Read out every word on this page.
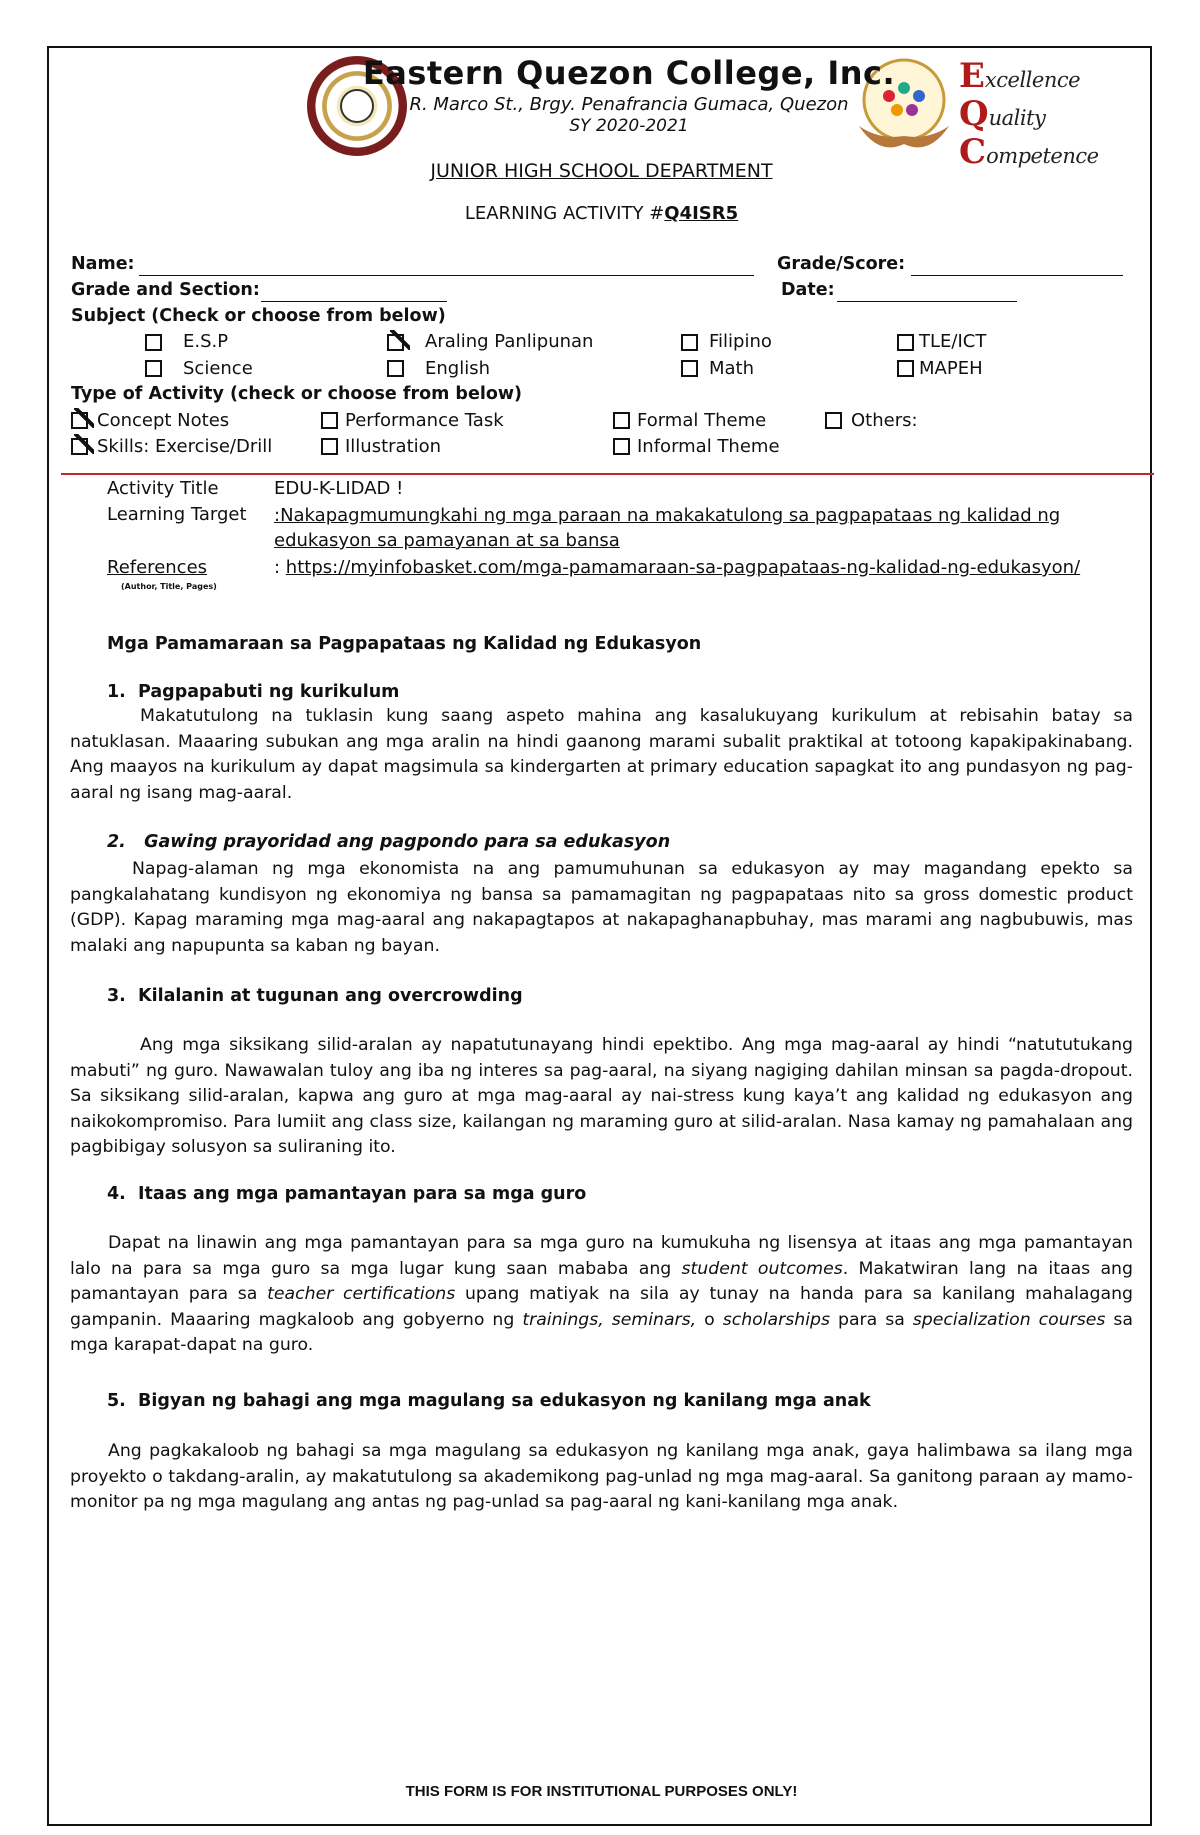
Eastern Quezon College, Inc.
R. Marco St., Brgy. Penafrancia Gumaca, Quezon
SY 2020-2021
Excellence
Quality
Competence
JUNIOR HIGH SCHOOL DEPARTMENT
LEARNING ACTIVITY #Q4ISR5
Name:	Grade/Score:
Grade and Section:	Date:
Subject (Check or choose from below)
E.S.P	Araling Panlipunan	Filipino	TLE/ICT
Science	English	Math	MAPEH
Type of Activity (check or choose from below)
Concept Notes	Performance Task	Formal Theme	Others:
Skills: Exercise/Drill	Illustration	Informal Theme
Activity Title	EDU-K-LIDAD !
Learning Target :Nakapagmumungkahi ng mga paraan na makakatulong sa pagpapataas ng kalidad ng edukasyon sa pamayanan at sa bansa
References
(Author, Title, Pages)
: https://myinfobasket.com/mga-pamamaraan-sa-pagpapataas-ng-kalidad-ng-edukasyon/
Mga Pamamaraan sa Pagpapataas ng Kalidad ng Edukasyon
1.  Pagpapabuti ng kurikulum
Makatutulong na tuklasin kung saang aspeto mahina ang kasalukuyang kurikulum at rebisahin batay sa natuklasan. Maaaring subukan ang mga aralin na hindi gaanong marami subalit praktikal at totoong kapakipakinabang. Ang maayos na kurikulum ay dapat magsimula sa kindergarten at primary education sapagkat ito ang pundasyon ng pag-aaral ng isang mag-aaral.
2.   Gawing prayoridad ang pagpondo para sa edukasyon
Napag-alaman ng mga ekonomista na ang pamumuhunan sa edukasyon ay may magandang epekto sa pangkalahatang kundisyon ng ekonomiya ng bansa sa pamamagitan ng pagpapataas nito sa gross domestic product (GDP). Kapag maraming mga mag-aaral ang nakapagtapos at nakapaghanapbuhay, mas marami ang nagbubuwis, mas malaki ang napupunta sa kaban ng bayan.
3.  Kilalanin at tugunan ang overcrowding
Ang mga siksikang silid-aralan ay napatutunayang hindi epektibo. Ang mga mag-aaral ay hindi “natututukang mabuti” ng guro. Nawawalan tuloy ang iba ng interes sa pag-aaral, na siyang nagiging dahilan minsan sa pagda-dropout. Sa siksikang silid-aralan, kapwa ang guro at mga mag-aaral ay nai-stress kung kaya’t ang kalidad ng edukasyon ang naikokompromiso. Para lumiit ang class size, kailangan ng maraming guro at silid-aralan. Nasa kamay ng pamahalaan ang pagbibigay solusyon sa suliraning ito.
4.  Itaas ang mga pamantayan para sa mga guro
Dapat na linawin ang mga pamantayan para sa mga guro na kumukuha ng lisensya at itaas ang mga pamantayan lalo na para sa mga guro sa mga lugar kung saan mababa ang student outcomes. Makatwiran lang na itaas ang pamantayan para sa teacher certifications upang matiyak na sila ay tunay na handa para sa kanilang mahalagang gampanin. Maaaring magkaloob ang gobyerno ng trainings, seminars, o scholarships para sa specialization courses sa mga karapat-dapat na guro.
5.  Bigyan ng bahagi ang mga magulang sa edukasyon ng kanilang mga anak
Ang pagkakaloob ng bahagi sa mga magulang sa edukasyon ng kanilang mga anak, gaya halimbawa sa ilang mga proyekto o takdang-aralin, ay makatutulong sa akademikong pag-unlad ng mga mag-aaral. Sa ganitong paraan ay mamo-monitor pa ng mga magulang ang antas ng pag-unlad sa pag-aaral ng kani-kanilang mga anak.
THIS FORM IS FOR INSTITUTIONAL PURPOSES ONLY!
